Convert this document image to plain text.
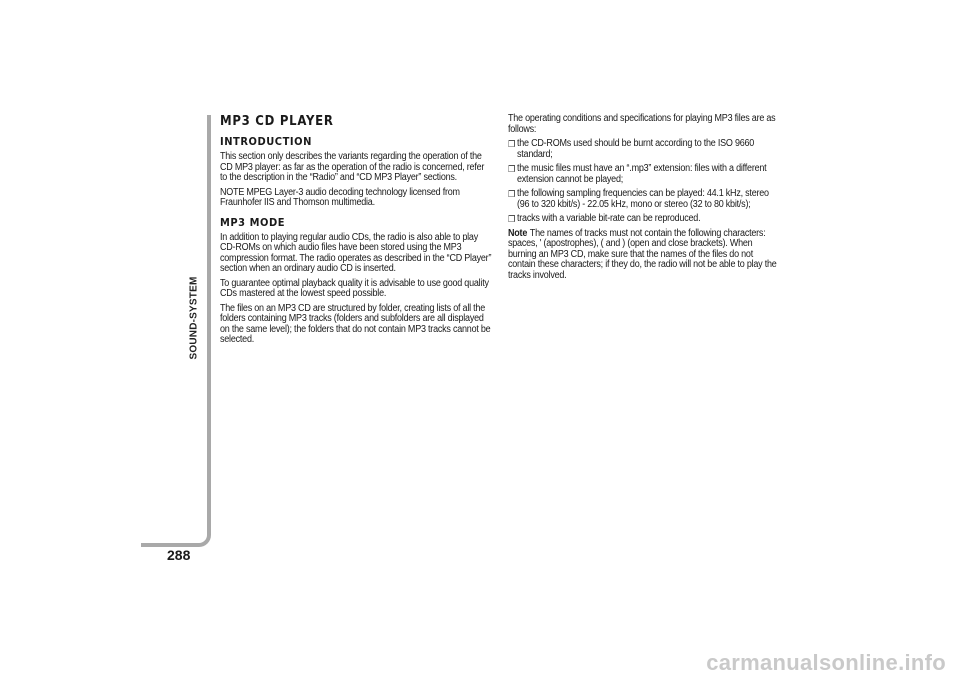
SOUND-SYSTEM
288
MP3 CD PLAYER
INTRODUCTION

This section only describes the variants regarding the operation of the CD MP3 player: as far as the operation of the radio is concerned, refer to the description in the “Radio” and “CD MP3 Player” sections.

NOTE MPEG Layer-3 audio decoding technology licensed from Fraunhofer IIS and Thomson multimedia.

MP3 MODE

In addition to playing regular audio CDs, the radio is also able to play CD-ROMs on which audio files have been stored using the MP3 compression format. The radio operates as described in the “CD Player” section when an ordinary audio CD is inserted.

To guarantee optimal playback quality it is advisable to use good quality CDs mastered at the lowest speed possible.

The files on an MP3 CD are structured by folder, creating lists of all the folders containing MP3 tracks (folders and subfolders are all displayed on the same level); the folders that do not contain MP3 tracks cannot be selected.

The operating conditions and specifications for playing MP3 files are as follows:

❒ the CD-ROMs used should be burnt according to the ISO 9660 standard;
❒ the music files must have an “.mp3” extension: files with a different extension cannot be played;
❒ the following sampling frequencies can be played: 44.1 kHz, stereo (96 to 320 kbit/s) - 22.05 kHz, mono or stereo (32 to 80 kbit/s);
❒ tracks with a variable bit-rate can be reproduced.

Note The names of tracks must not contain the following characters: spaces, ' (apostrophes), ( and ) (open and close brackets). When burning an MP3 CD, make sure that the names of the files do not contain these characters; if they do, the radio will not be able to play the tracks involved.

carmanualsonline.info
